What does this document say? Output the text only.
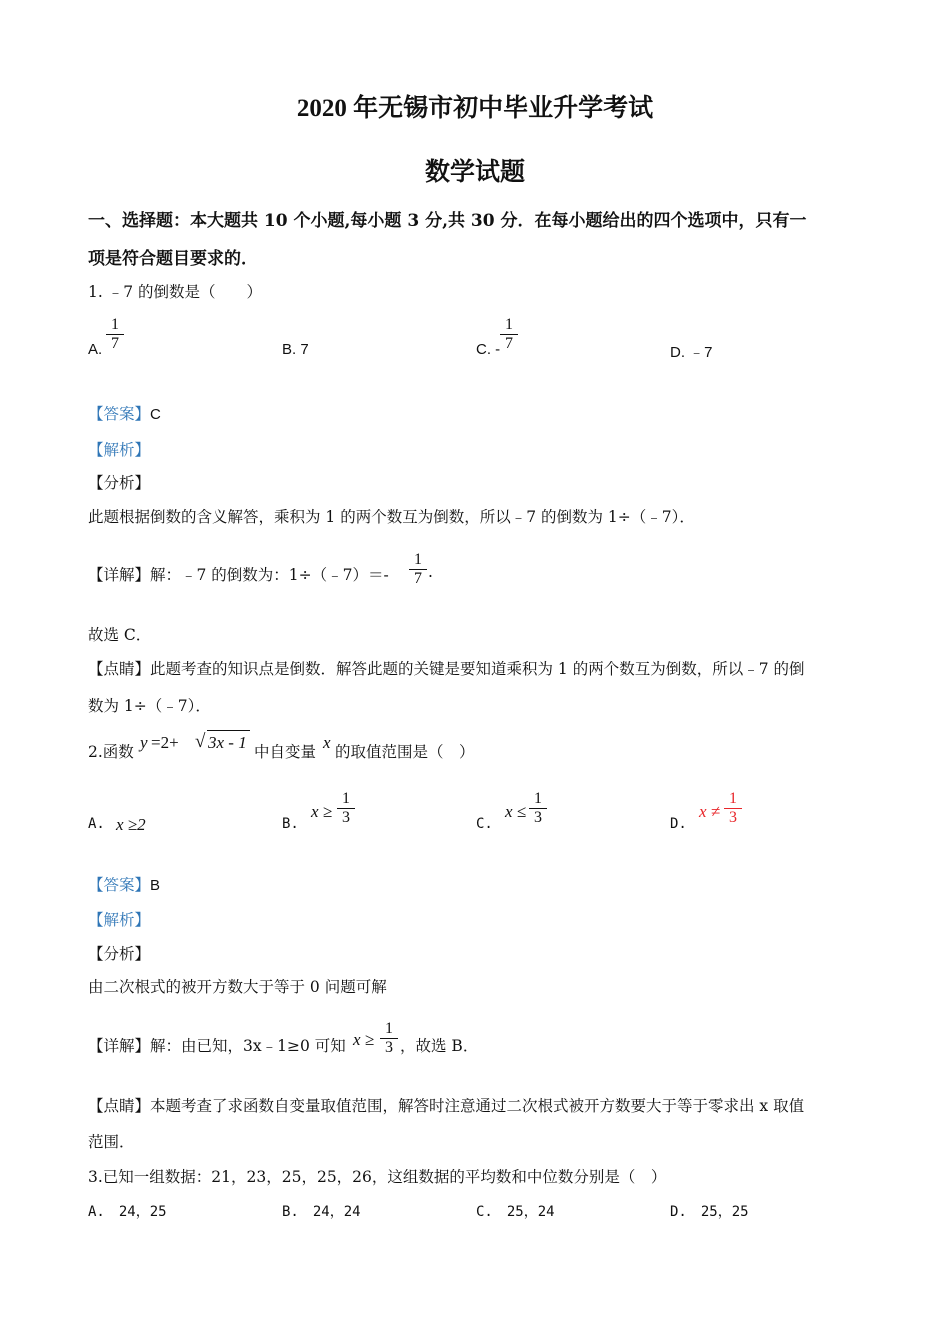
2020 年无锡市初中毕业升学考试
数学试题
一、选择题：本大题共 10 个小题,每小题 3 分,共 30 分．在每小题给出的四个选项中，只有一
项是符合题目要求的．
1. ﹣7 的倒数是（　　）
A.
1
7	B. 7	C. -
1
7
D. ﹣7
【答案】C
【解析】
【分析】
此题根据倒数的含义解答，乘积为 1 的两个数互为倒数，所以﹣7 的倒数为 1÷（﹣7）．
【详解】解：﹣7 的倒数为：1÷（﹣7）＝-
1
7 .
故选 C．
【点睛】此题考查的知识点是倒数．解答此题的关键是要知道乘积为 1 的两个数互为倒数，所以﹣7 的倒
数为 1÷（﹣7）．
2.函数 y =2+ √ 3x - 1 中自变量 x 的取值范围是（　）
A. x ≥2	B.
x ≥
1
3	C.
x ≤
1
3	D.
x ≠
1
3
【答案】B
【解析】
【分析】
由二次根式的被开方数大于等于 0 问题可解
【详解】解：由已知，3x﹣1≥0 可知 x ≥
1
3 ，故选 B．
【点睛】本题考查了求函数自变量取值范围，解答时注意通过二次根式被开方数要大于等于零求出 x 取值
范围．
3.已知一组数据：21，23，25，25，26，这组数据的平均数和中位数分别是（　）
A.　24，25	B.　24，24	C.　25，24	D.　25，25
